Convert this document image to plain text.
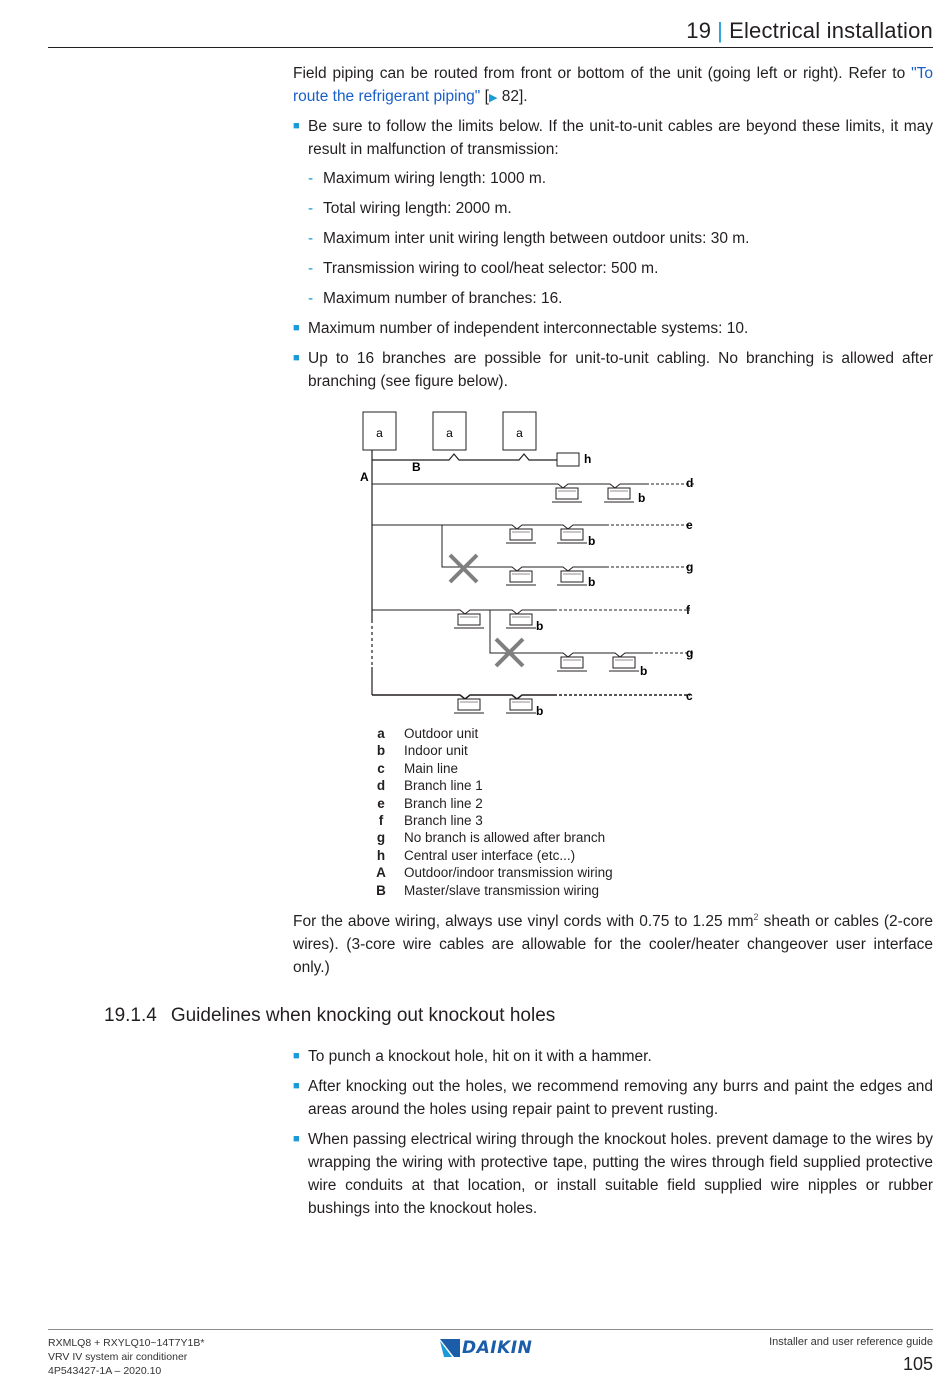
19 | Electrical installation

Field piping can be routed from front or bottom of the unit (going left or right). Refer to "To route the refrigerant piping" [▶ 82].

■ Be sure to follow the limits below. If the unit-to-unit cables are beyond these limits, it may result in malfunction of transmission:
- Maximum wiring length: 1000 m.
- Total wiring length: 2000 m.
- Maximum inter unit wiring length between outdoor units: 30 m.
- Transmission wiring to cool/heat selector: 500 m.
- Maximum number of branches: 16.
■ Maximum number of independent interconnectable systems: 10.
■ Up to 16 branches are possible for unit-to-unit cabling. No branching is allowed after branching (see figure below).
a	a	a
h
B
A
b
d
b
e
b
g
b
f
b
g
b
c
a	Outdoor unit
b	Indoor unit
c	Main line
d	Branch line 1
e	Branch line 2
f	Branch line 3
g	No branch is allowed after branch
h	Central user interface (etc...)
A	Outdoor/indoor transmission wiring
B	Master/slave transmission wiring

For the above wiring, always use vinyl cords with 0.75 to 1.25 $mm^2$ sheath or cables (2-core wires). (3-core wire cables are allowable for the cooler/heater changeover user interface only.)

19.1.4 Guidelines when knocking out knockout holes
■ To punch a knockout hole, hit on it with a hammer.
■ After knocking out the holes, we recommend removing any burrs and paint the edges and areas around the holes using repair paint to prevent rusting.
■ When passing electrical wiring through the knockout holes. prevent damage to the wires by wrapping the wiring with protective tape, putting the wires through field supplied protective wire conduits at that location, or install suitable field supplied wire nipples or rubber bushings into the knockout holes.
RXMLQ8 + RXYLQ10~14T7Y1B*
VRV IV system air conditioner
4P543427-1A – 2020.10
DAIKIN	Installer and user reference guide
105
